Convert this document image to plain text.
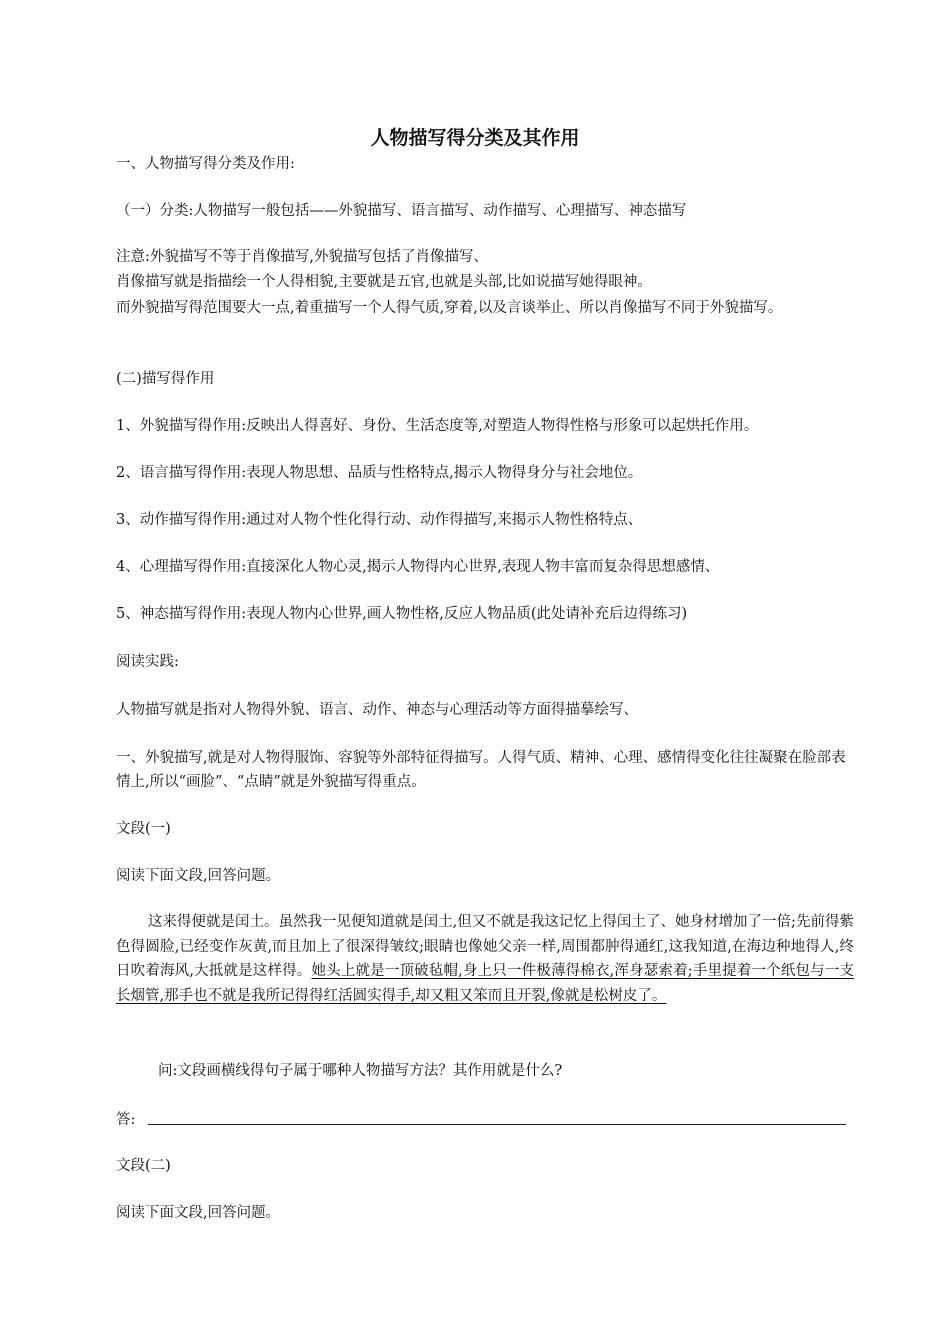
人物描写得分类及其作用
一、人物描写得分类及作用:
（一）分类:人物描写一般包括——外貌描写、语言描写、动作描写、心理描写、神态描写
注意:外貌描写不等于肖像描写,外貌描写包括了肖像描写、
肖像描写就是指描绘一个人得相貌,主要就是五官,也就是头部,比如说描写她得眼神。
而外貌描写得范围要大一点,着重描写一个人得气质,穿着,以及言谈举止、所以肖像描写不同于外貌描写。
(二)描写得作用
1、外貌描写得作用:反映出人得喜好、身份、生活态度等,对塑造人物得性格与形象可以起烘托作用。
2、语言描写得作用:表现人物思想、品质与性格特点,揭示人物得身分与社会地位。
3、动作描写得作用:通过对人物个性化得行动、动作得描写,来揭示人物性格特点、
4、心理描写得作用:直接深化人物心灵,揭示人物得内心世界,表现人物丰富而复杂得思想感情、
5、神态描写得作用:表现人物内心世界,画人物性格,反应人物品质(此处请补充后边得练习)
阅读实践:
人物描写就是指对人物得外貌、语言、动作、神态与心理活动等方面得描摹绘写、
一、外貌描写,就是对人物得服饰、容貌等外部特征得描写。人得气质、精神、心理、感情得变化往往凝聚在脸部表情上,所以“画脸”、“点睛”就是外貌描写得重点。
文段(一)
阅读下面文段,回答问题。
这来得便就是闰土。虽然我一见便知道就是闰土,但又不就是我这记忆上得闰土了、她身材增加了一倍;先前得紫色得圆脸,已经变作灰黄,而且加上了很深得皱纹;眼睛也像她父亲一样,周围都肿得通红,这我知道,在海边种地得人,终日吹着海风,大抵就是这样得。她头上就是一顶破毡帽,身上只一件极薄得棉衣,浑身瑟索着;手里提着一个纸包与一支长烟管,那手也不就是我所记得得红活圆实得手,却又粗又笨而且开裂,像就是松树皮了。
问:文段画横线得句子属于哪种人物描写方法？其作用就是什么?
答:
文段(二)
阅读下面文段,回答问题。
